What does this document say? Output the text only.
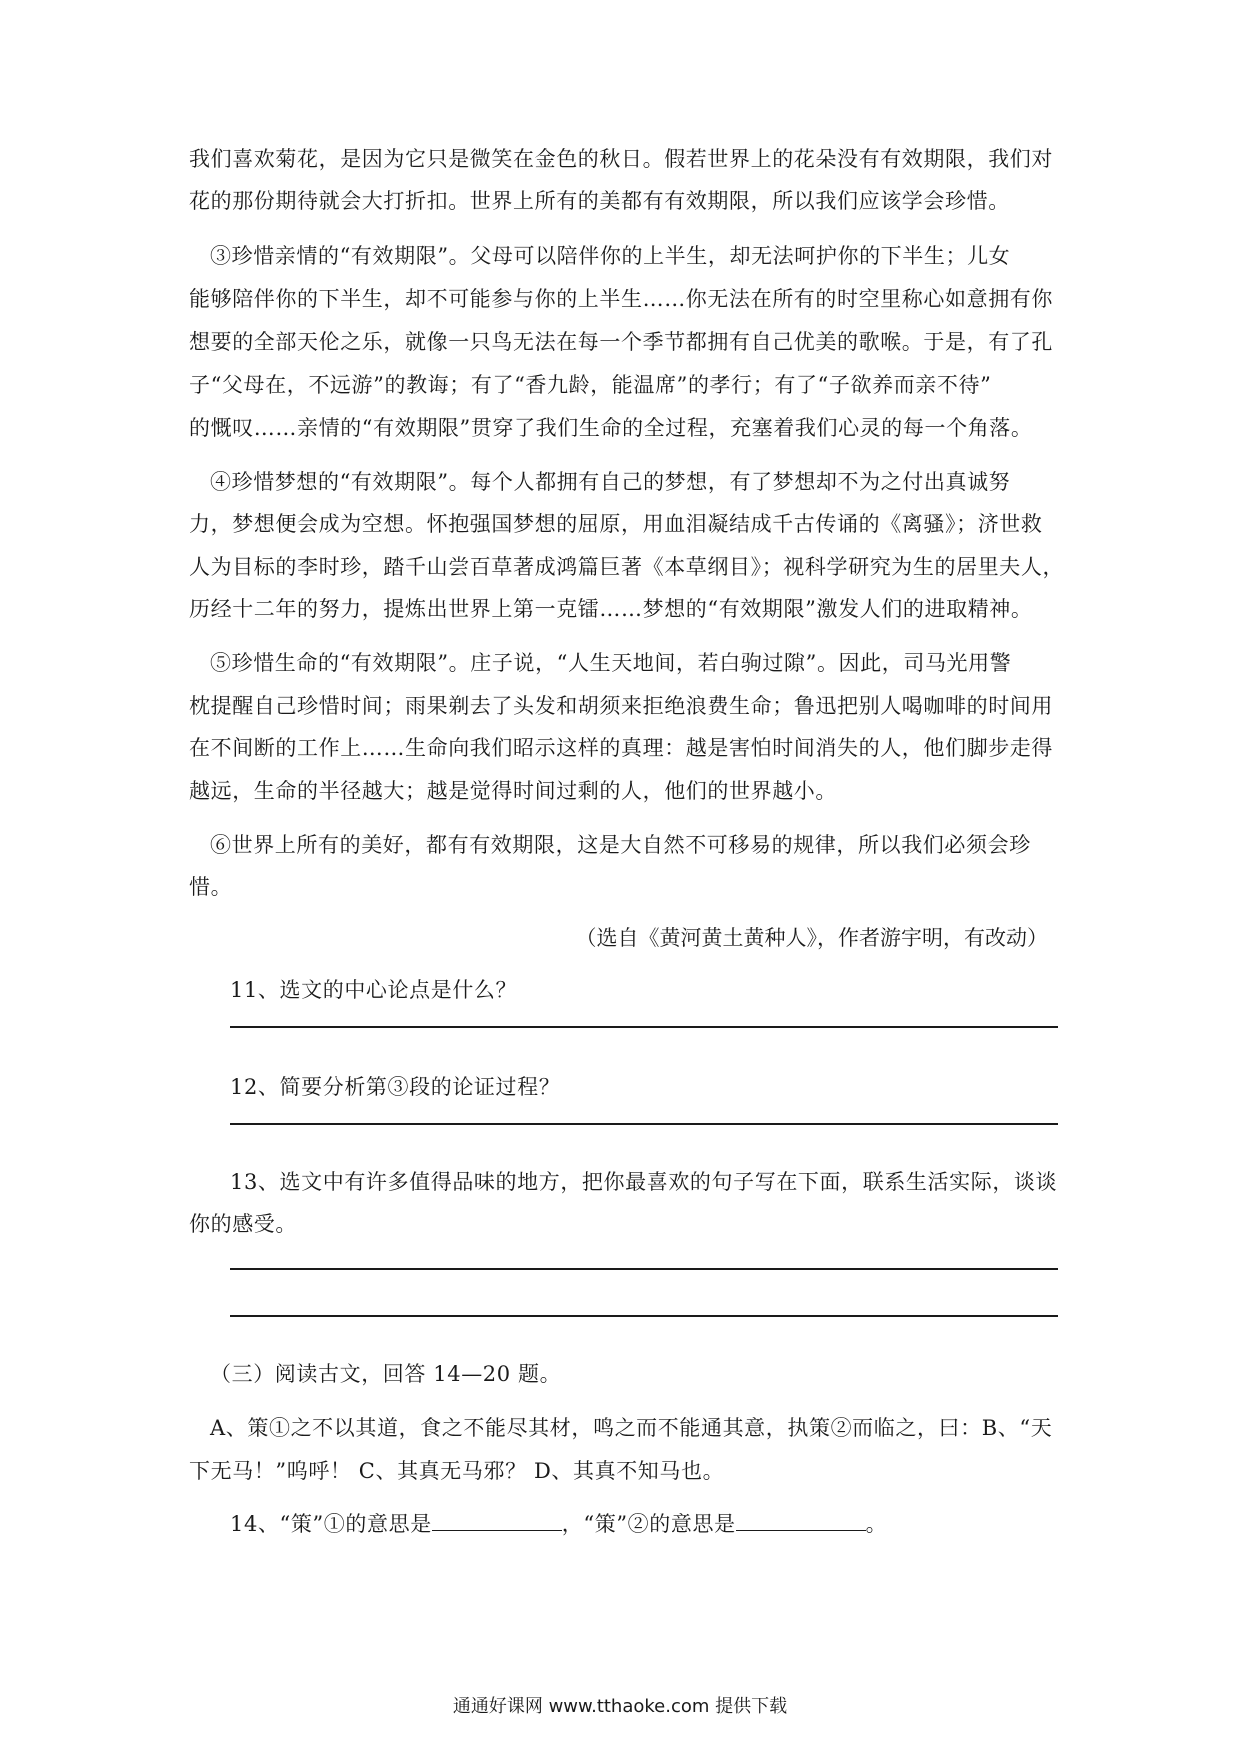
我们喜欢菊花，是因为它只是微笑在金色的秋日。假若世界上的花朵没有有效期限，我们对
花的那份期待就会大打折扣。世界上所有的美都有有效期限，所以我们应该学会珍惜。
③珍惜亲情的“有效期限”。父母可以陪伴你的上半生，却无法呵护你的下半生；儿女
能够陪伴你的下半生，却不可能参与你的上半生……你无法在所有的时空里称心如意拥有你
想要的全部天伦之乐，就像一只鸟无法在每一个季节都拥有自己优美的歌喉。于是，有了孔
子“父母在，不远游”的教诲；有了“香九龄，能温席”的孝行；有了“子欲养而亲不待”
的慨叹……亲情的“有效期限”贯穿了我们生命的全过程，充塞着我们心灵的每一个角落。
④珍惜梦想的“有效期限”。每个人都拥有自己的梦想，有了梦想却不为之付出真诚努
力，梦想便会成为空想。怀抱强国梦想的屈原，用血泪凝结成千古传诵的《离骚》；济世救
人为目标的李时珍，踏千山尝百草著成鸿篇巨著《本草纲目》；视科学研究为生的居里夫人，
历经十二年的努力，提炼出世界上第一克镭……梦想的“有效期限”激发人们的进取精神。
⑤珍惜生命的“有效期限”。庄子说，“人生天地间，若白驹过隙”。因此，司马光用警
枕提醒自己珍惜时间；雨果剃去了头发和胡须来拒绝浪费生命；鲁迅把别人喝咖啡的时间用
在不间断的工作上……生命向我们昭示这样的真理：越是害怕时间消失的人，他们脚步走得
越远，生命的半径越大；越是觉得时间过剩的人，他们的世界越小。
⑥世界上所有的美好，都有有效期限，这是大自然不可移易的规律，所以我们必须会珍
惜。
（选自《黄河黄土黄种人》，作者游宇明，有改动）
11、选文的中心论点是什么？
12、简要分析第③段的论证过程？
13、选文中有许多值得品味的地方，把你最喜欢的句子写在下面，联系生活实际，谈谈
你的感受。
（三）阅读古文，回答 14—20 题。
A、策①之不以其道，食之不能尽其材，鸣之而不能通其意，执策②而临之，曰：B、“天
下无马！”呜呼！ C、其真无马邪？ D、其真不知马也。
14、“策”①的意思是	，“策”②的意思是	。
通通好课网 www.tthaoke.com 提供下载
